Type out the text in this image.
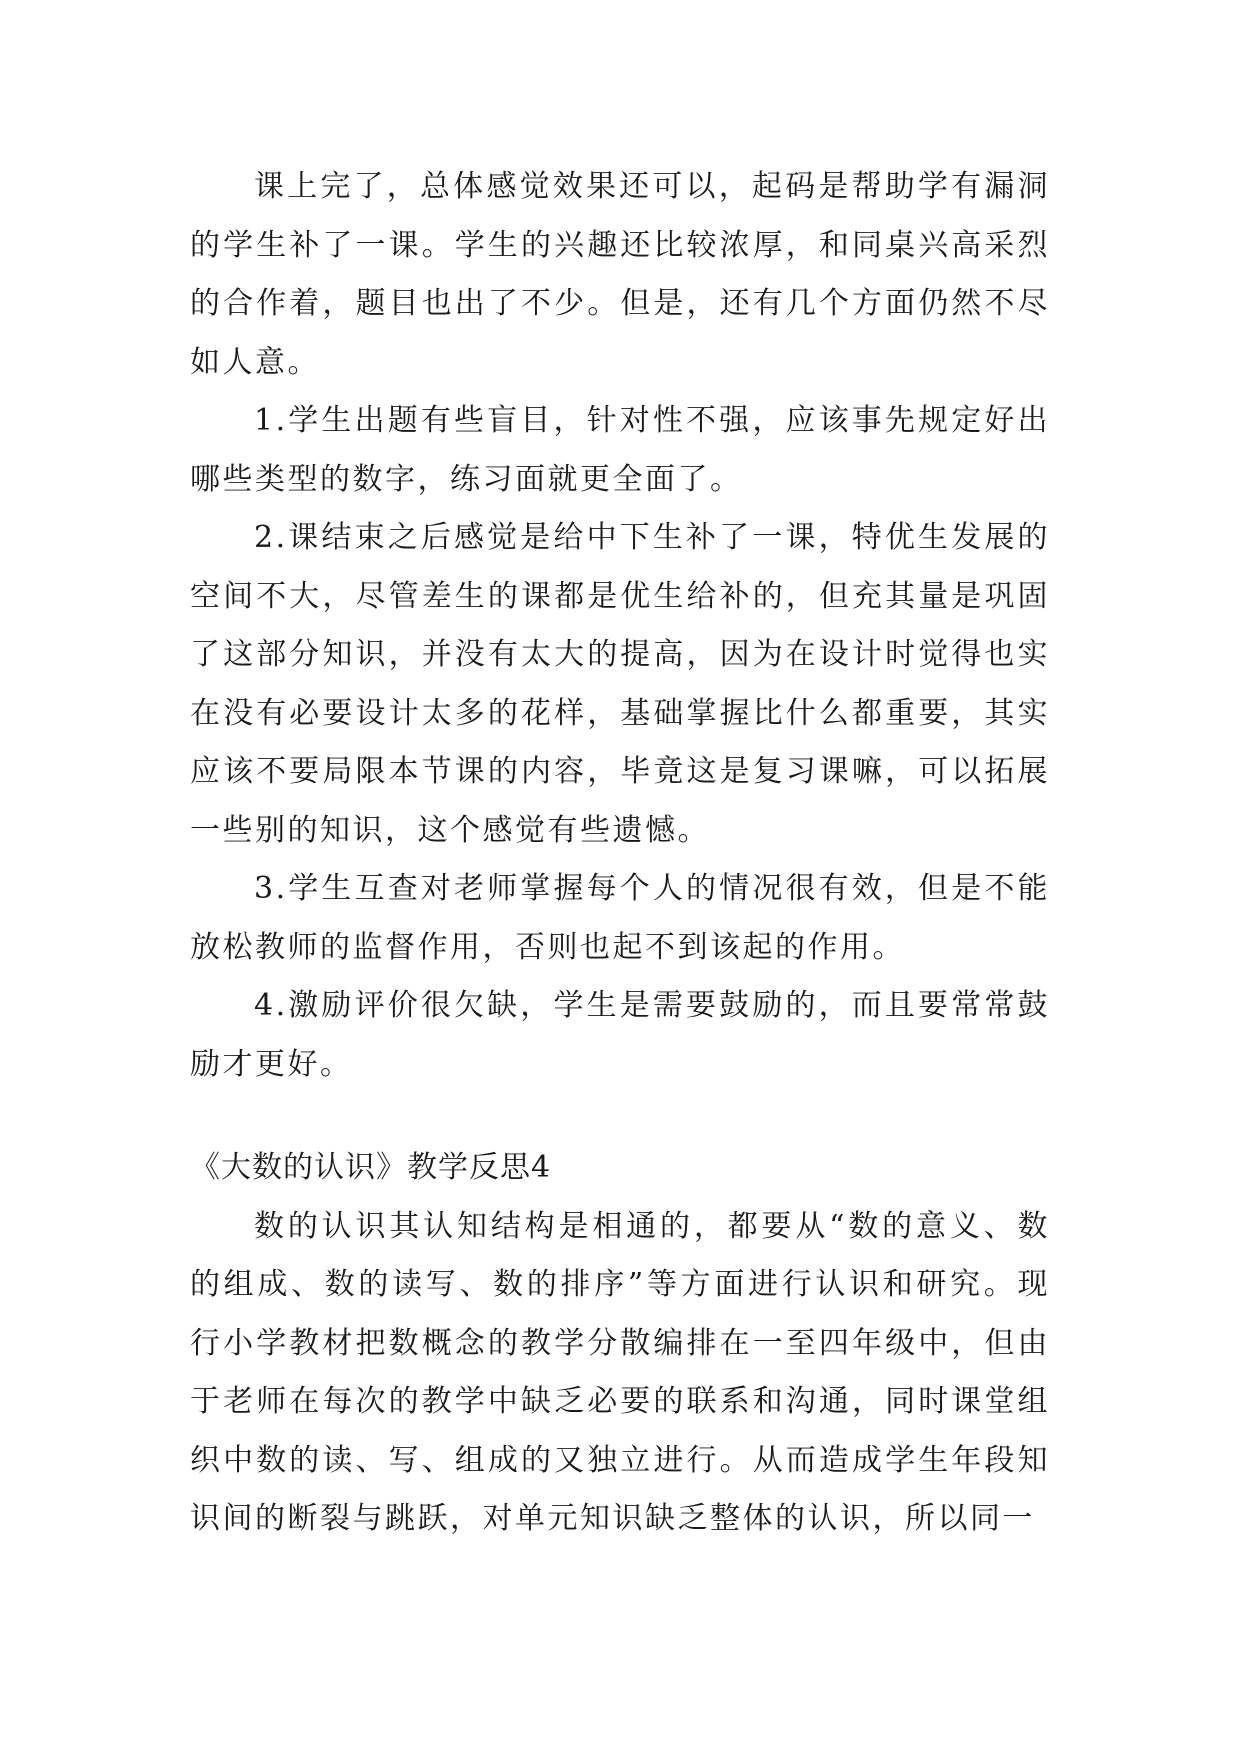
课上完了，总体感觉效果还可以，起码是帮助学有漏洞的学生补了一课。学生的兴趣还比较浓厚，和同桌兴高采烈的合作着，题目也出了不少。但是，还有几个方面仍然不尽如人意。

1.学生出题有些盲目，针对性不强，应该事先规定好出哪些类型的数字，练习面就更全面了。

2.课结束之后感觉是给中下生补了一课，特优生发展的空间不大，尽管差生的课都是优生给补的，但充其量是巩固了这部分知识，并没有太大的提高，因为在设计时觉得也实在没有必要设计太多的花样，基础掌握比什么都重要，其实应该不要局限本节课的内容，毕竟这是复习课嘛，可以拓展一些别的知识，这个感觉有些遗憾。

3.学生互查对老师掌握每个人的情况很有效，但是不能放松教师的监督作用，否则也起不到该起的作用。

4.激励评价很欠缺，学生是需要鼓励的，而且要常常鼓励才更好。

《大数的认识》教学反思4

数的认识其认知结构是相通的，都要从“数的意义、数的组成、数的读写、数的排序”等方面进行认识和研究。现行小学教材把数概念的教学分散编排在一至四年级中，但由于老师在每次的教学中缺乏必要的联系和沟通，同时课堂组织中数的读、写、组成的又独立进行。从而造成学生年段知识间的断裂与跳跃，对单元知识缺乏整体的认识，所以同一
